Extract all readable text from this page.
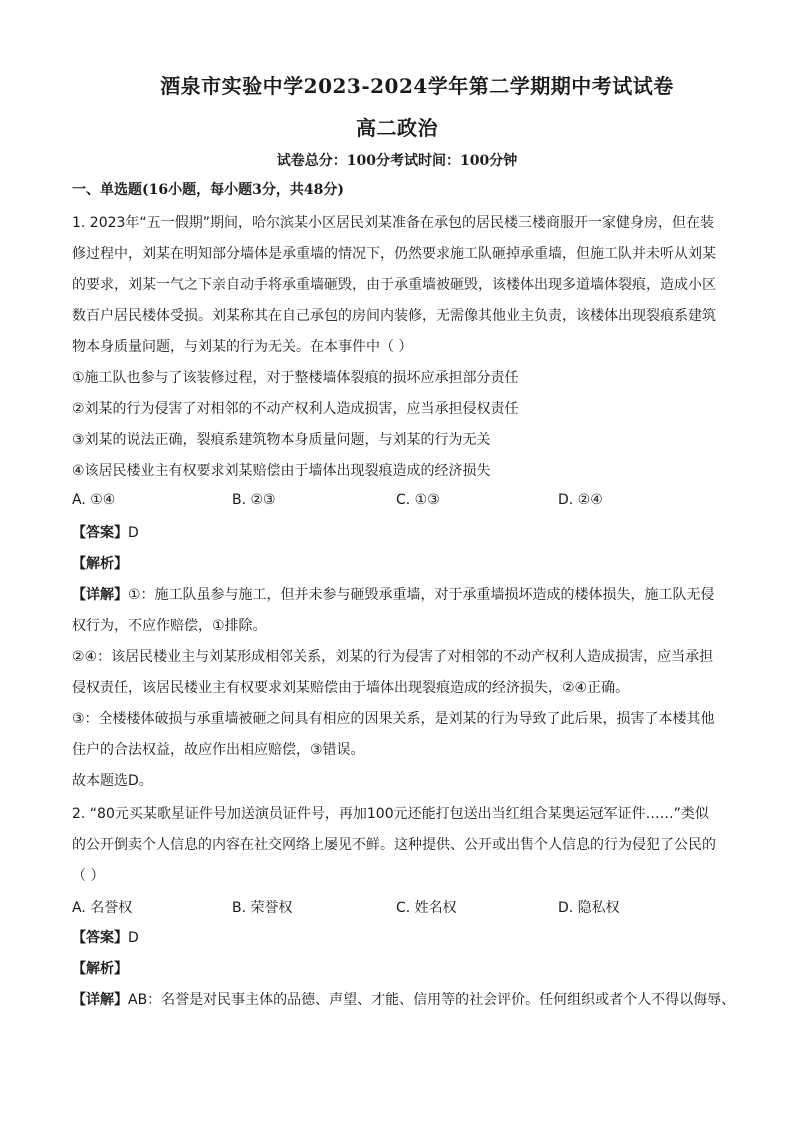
酒泉市实验中学2023-2024学年第二学期期中考试试卷
高二政治
试卷总分：100分考试时间：100分钟
一、单选题(16小题，每小题3分，共48分)
1. 2023年“五一假期”期间，哈尔滨某小区居民刘某准备在承包的居民楼三楼商服开一家健身房，但在装
修过程中，刘某在明知部分墙体是承重墙的情况下，仍然要求施工队砸掉承重墙，但施工队并未听从刘某
的要求，刘某一气之下亲自动手将承重墙砸毁，由于承重墙被砸毁，该楼体出现多道墙体裂痕，造成小区
数百户居民楼体受损。刘某称其在自己承包的房间内装修，无需像其他业主负责，该楼体出现裂痕系建筑
物本身质量问题，与刘某的行为无关。在本事件中（ ）
①施工队也参与了该装修过程，对于整楼墙体裂痕的损坏应承担部分责任
②刘某的行为侵害了对相邻的不动产权利人造成损害，应当承担侵权责任
③刘某的说法正确，裂痕系建筑物本身质量问题，与刘某的行为无关
④该居民楼业主有权要求刘某赔偿由于墙体出现裂痕造成的经济损失
A. ①④	B. ②③	C. ①③	D. ②④
【答案】D
【解析】
【详解】①：施工队虽参与施工，但并未参与砸毁承重墙，对于承重墙损坏造成的楼体损失，施工队无侵
权行为，不应作赔偿，①排除。
②④：该居民楼业主与刘某形成相邻关系，刘某的行为侵害了对相邻的不动产权利人造成损害，应当承担
侵权责任，该居民楼业主有权要求刘某赔偿由于墙体出现裂痕造成的经济损失，②④正确。
③：全楼楼体破损与承重墙被砸之间具有相应的因果关系，是刘某的行为导致了此后果，损害了本楼其他
住户的合法权益，故应作出相应赔偿，③错误。
故本题选D。
2. “80元买某歌星证件号加送演员证件号，再加100元还能打包送出当红组合某奥运冠军证件……”类似
的公开倒卖个人信息的内容在社交网络上屡见不鲜。这种提供、公开或出售个人信息的行为侵犯了公民的
（ ）
A. 名誉权	B. 荣誉权	C. 姓名权	D. 隐私权
【答案】D
【解析】
【详解】AB：名誉是对民事主体的品德、声望、才能、信用等的社会评价。任何组织或者个人不得以侮辱、
